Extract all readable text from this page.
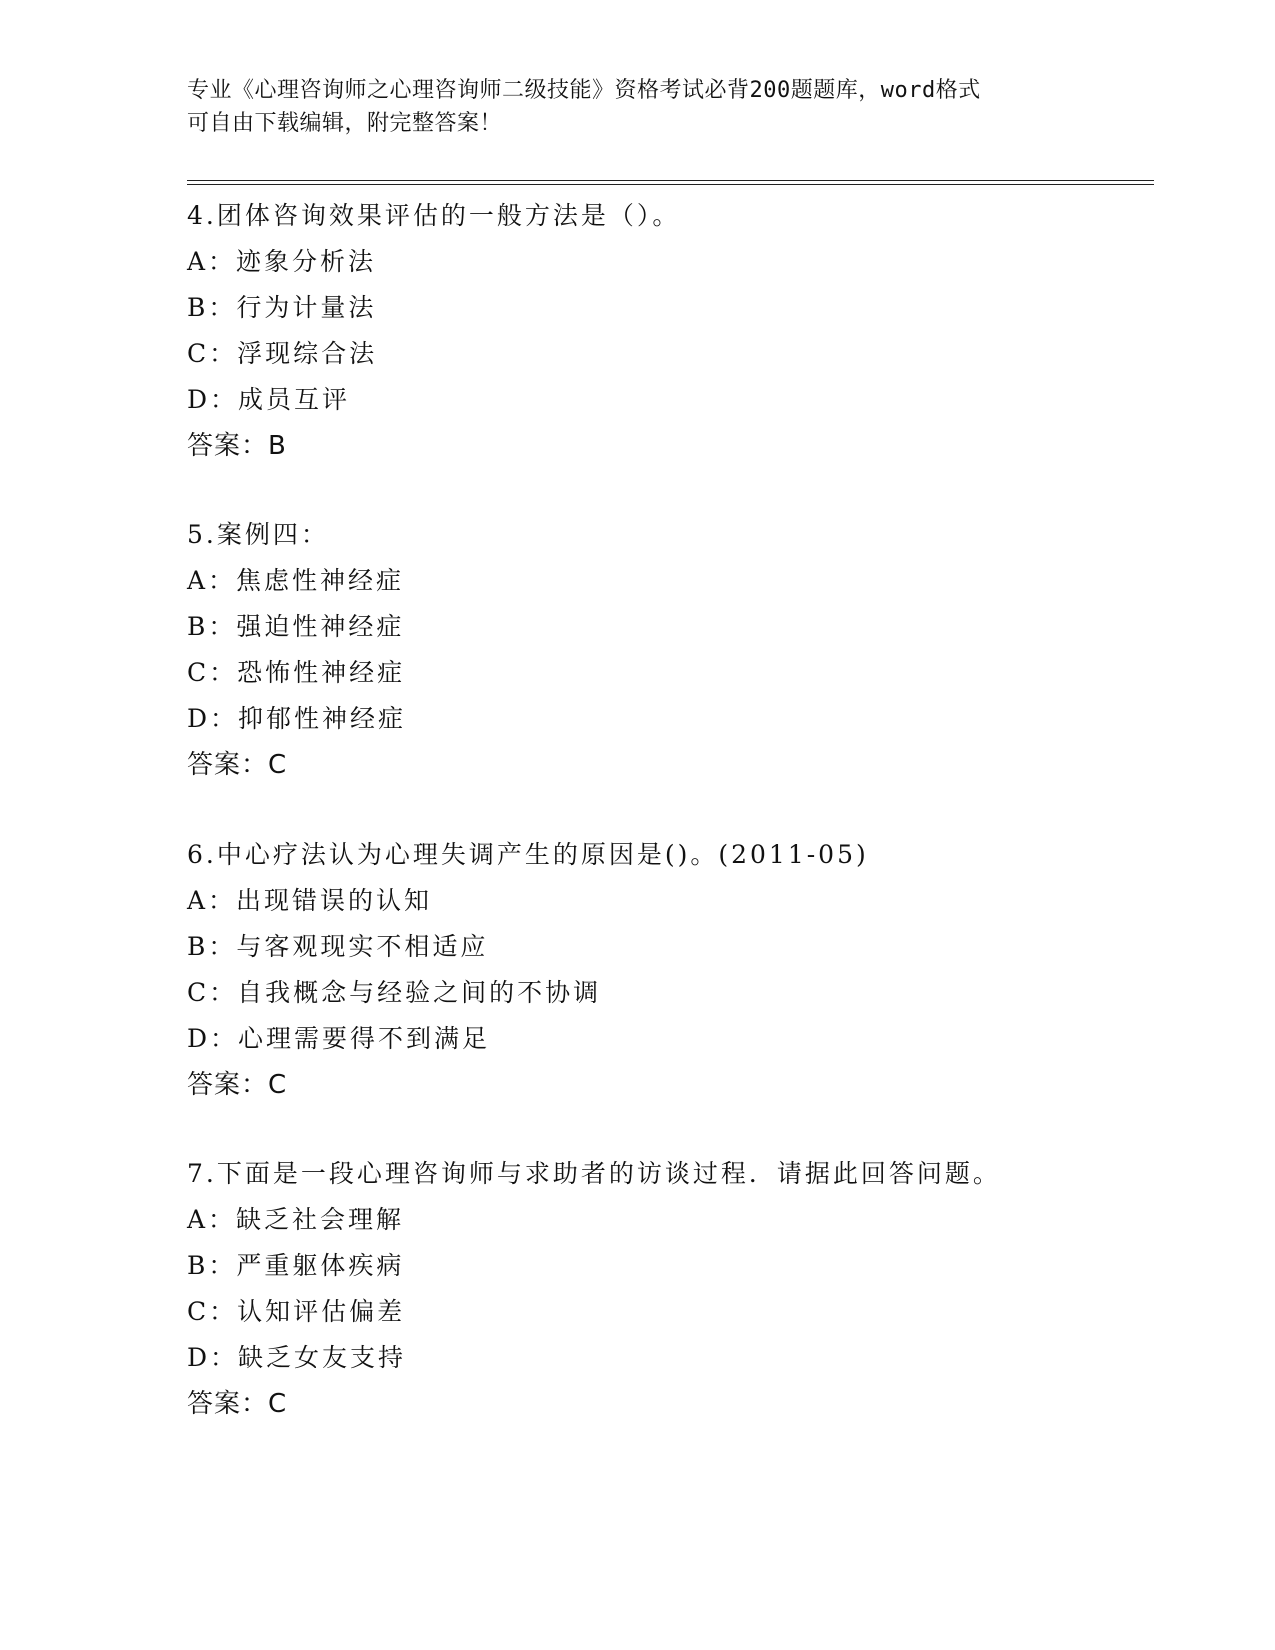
专业《心理咨询师之心理咨询师二级技能》资格考试必背200题题库，word格式
可自由下载编辑，附完整答案！
4.团体咨询效果评估的一般方法是（）。
A：迹象分析法
B：行为计量法
C：浮现综合法
D：成员互评
答案：B
5.案例四：
A：焦虑性神经症
B：强迫性神经症
C：恐怖性神经症
D：抑郁性神经症
答案：C
6.中心疗法认为心理失调产生的原因是()。(2011-05)
A：出现错误的认知
B：与客观现实不相适应
C：自我概念与经验之间的不协调
D：心理需要得不到满足
答案：C
7.下面是一段心理咨询师与求助者的访谈过程．请据此回答问题。
A：缺乏社会理解
B：严重躯体疾病
C：认知评估偏差
D：缺乏女友支持
答案：C
